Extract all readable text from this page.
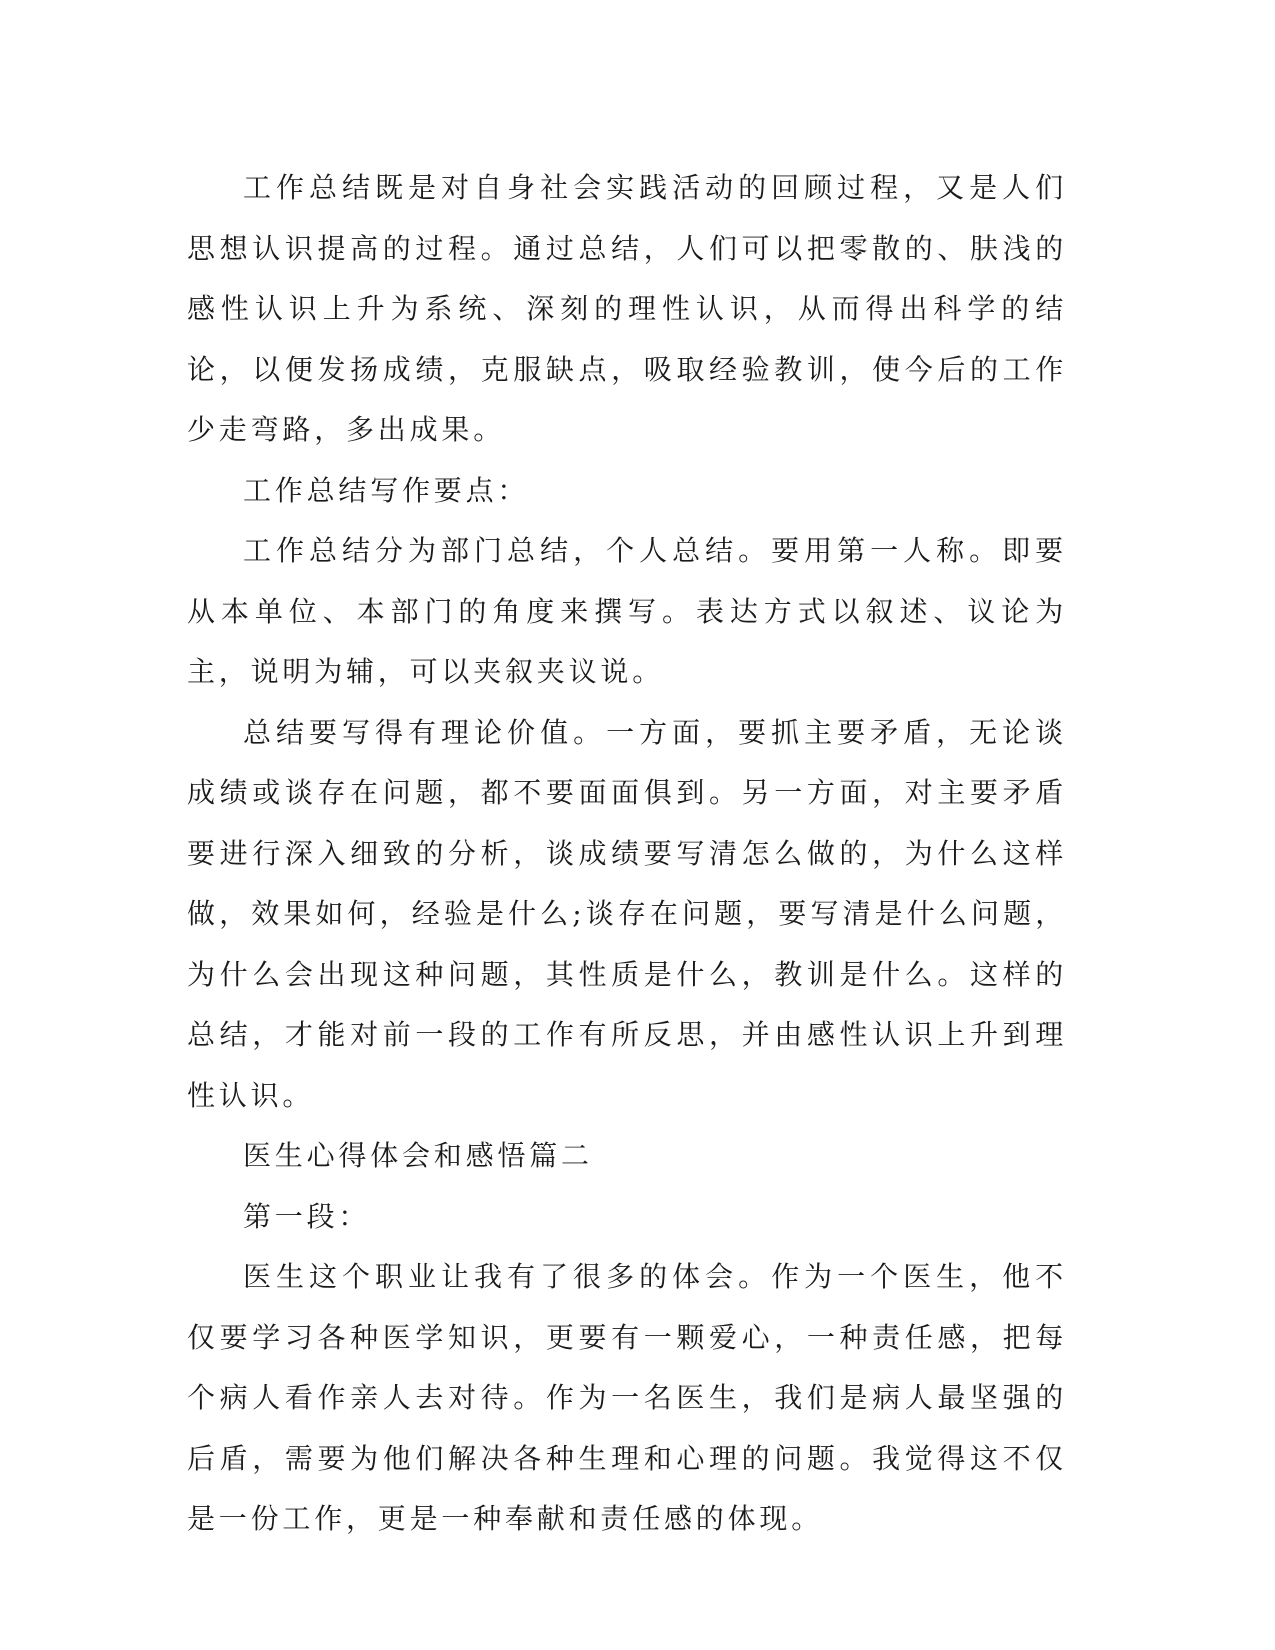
工作总结既是对自身社会实践活动的回顾过程，又是人们思想认识提高的过程。通过总结，人们可以把零散的、肤浅的感性认识上升为系统、深刻的理性认识，从而得出科学的结论，以便发扬成绩，克服缺点，吸取经验教训，使今后的工作少走弯路，多出成果。

工作总结写作要点：

工作总结分为部门总结，个人总结。要用第一人称。即要从本单位、本部门的角度来撰写。表达方式以叙述、议论为主，说明为辅，可以夹叙夹议说。

总结要写得有理论价值。一方面，要抓主要矛盾，无论谈成绩或谈存在问题，都不要面面俱到。另一方面，对主要矛盾要进行深入细致的分析，谈成绩要写清怎么做的，为什么这样做，效果如何，经验是什么;谈存在问题，要写清是什么问题，为什么会出现这种问题，其性质是什么，教训是什么。这样的总结，才能对前一段的工作有所反思，并由感性认识上升到理性认识。

医生心得体会和感悟篇二

第一段：

医生这个职业让我有了很多的体会。作为一个医生，他不仅要学习各种医学知识，更要有一颗爱心，一种责任感，把每个病人看作亲人去对待。作为一名医生，我们是病人最坚强的后盾，需要为他们解决各种生理和心理的问题。我觉得这不仅是一份工作，更是一种奉献和责任感的体现。
